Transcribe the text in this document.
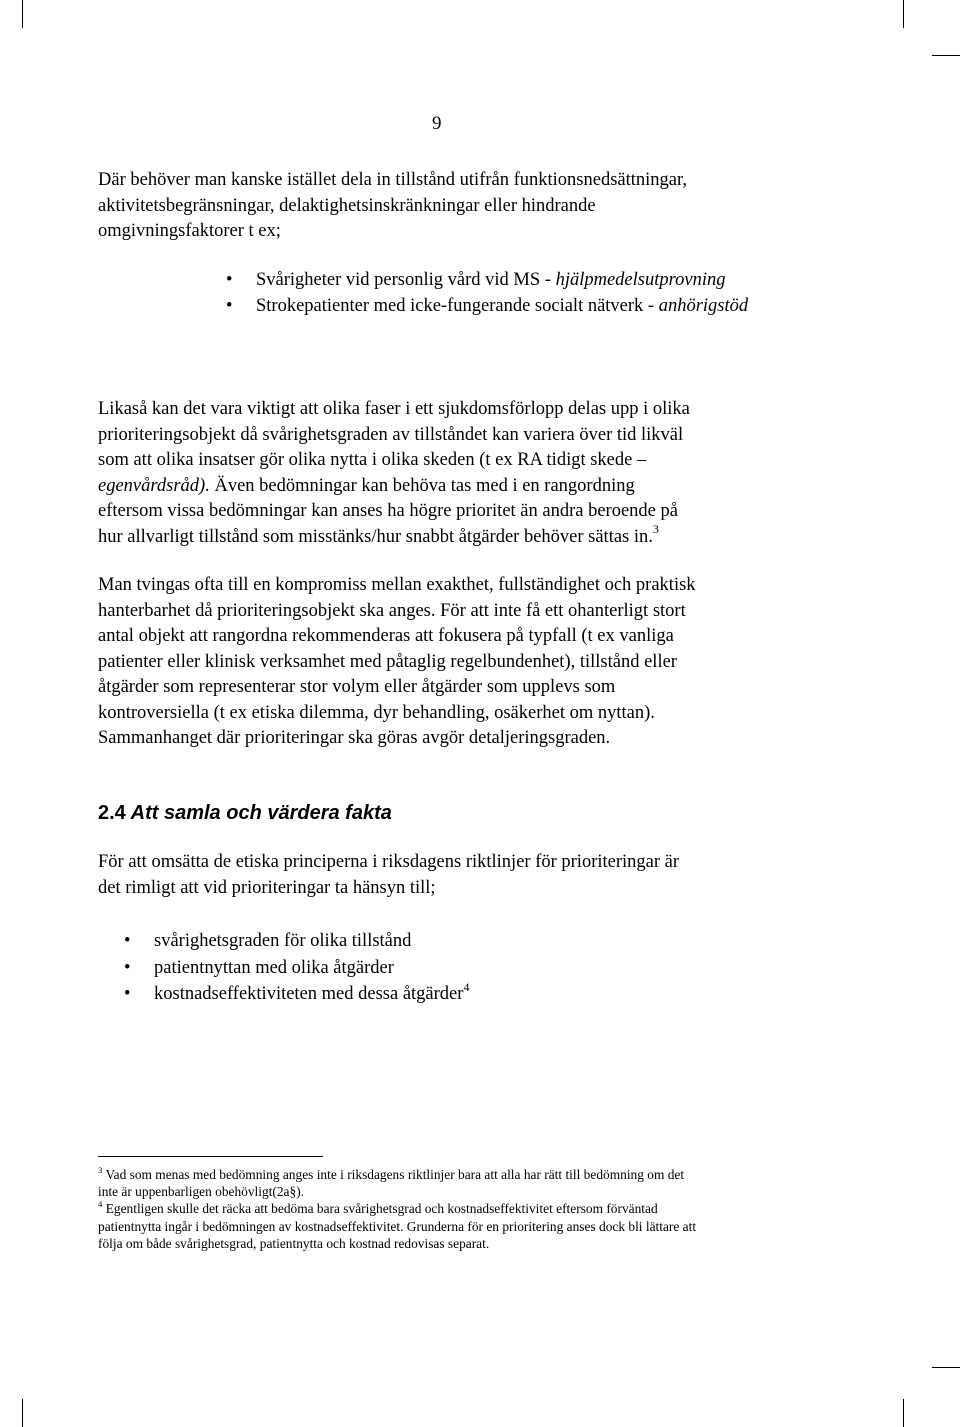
9
Där behöver man kanske istället dela in tillstånd utifrån funktionsnedsättningar,
aktivitetsbegränsningar, delaktighetsinskränkningar eller hindrande
omgivningsfaktorer t ex;
• Svårigheter vid personlig vård vid MS - hjälpmedelsutprovning
• Strokepatienter med icke-fungerande socialt nätverk - anhörigstöd
Likaså kan det vara viktigt att olika faser i ett sjukdomsförlopp delas upp i olika
prioriteringsobjekt då svårighetsgraden av tillståndet kan variera över tid likväl
som att olika insatser gör olika nytta i olika skeden (t ex RA tidigt skede –
egenvårdsråd). Även bedömningar kan behöva tas med i en rangordning
eftersom vissa bedömningar kan anses ha högre prioritet än andra beroende på
hur allvarligt tillstånd som misstänks/hur snabbt åtgärder behöver sättas in.$^3$
Man tvingas ofta till en kompromiss mellan exakthet, fullständighet och praktisk
hanterbarhet då prioriteringsobjekt ska anges. För att inte få ett ohanterligt stort
antal objekt att rangordna rekommenderas att fokusera på typfall (t ex vanliga
patienter eller klinisk verksamhet med påtaglig regelbundenhet), tillstånd eller
åtgärder som representerar stor volym eller åtgärder som upplevs som
kontroversiella (t ex etiska dilemma, dyr behandling, osäkerhet om nyttan).
Sammanhanget där prioriteringar ska göras avgör detaljeringsgraden.
2.4 Att samla och värdera fakta
För att omsätta de etiska principerna i riksdagens riktlinjer för prioriteringar är
det rimligt att vid prioriteringar ta hänsyn till;
• svårighetsgraden för olika tillstånd
• patientnyttan med olika åtgärder
• kostnadseffektiviteten med dessa åtgärder$^4$
$^3$ Vad som menas med bedömning anges inte i riksdagens riktlinjer bara att alla har rätt till bedömning om det
inte är uppenbarligen obehövligt(2a§).
$^4$ Egentligen skulle det räcka att bedöma bara svårighetsgrad och kostnadseffektivitet eftersom förväntad
patientnytta ingår i bedömningen av kostnadseffektivitet. Grunderna för en prioritering anses dock bli lättare att
följa om både svårighetsgrad, patientnytta och kostnad redovisas separat.
